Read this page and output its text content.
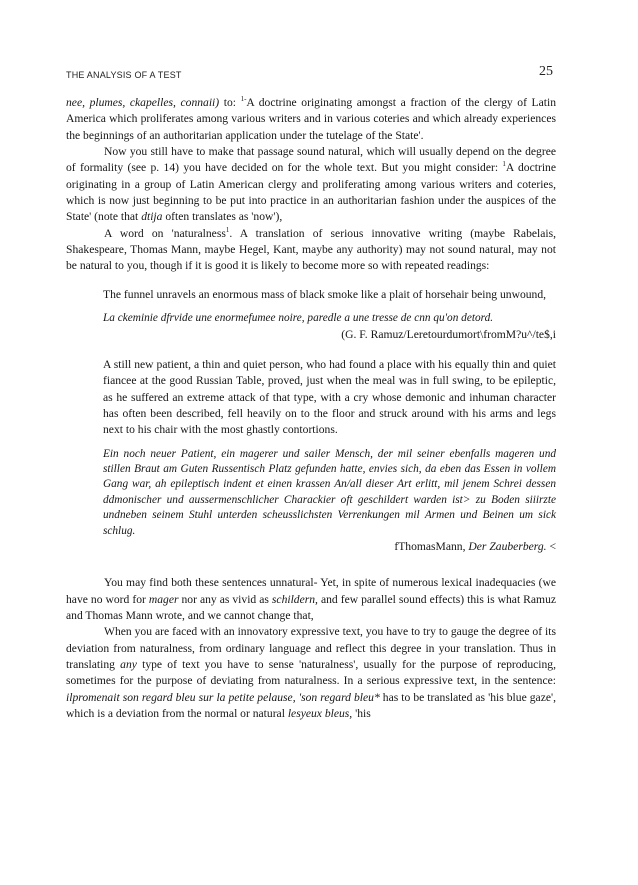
THE ANALYSIS OF A TEST	25

nee, plumes, ckapelles, connaii) to: $^{1-}$A doctrine originating amongst a fraction of the clergy of Latin America which proliferates among various writers and in various coteries and which already experiences the beginnings of an authoritarian application under the tutelage of the State'.

Now you still have to make that passage sound natural, which will usually depend on the degree of formality (see p. 14) you have decided on for the whole text. But you might consider: $^1$A doctrine originating in a group of Latin American clergy and proliferating among various writers and coteries, which is now just beginning to be put into practice in an authoritarian fashion under the auspices of the State' (note that dtija often translates as 'now'),

A word on 'naturalness$^1$. A translation of serious innovative writing (maybe Rabelais, Shakespeare, Thomas Mann, maybe Hegel, Kant, maybe any authority) may not sound natural, may not be natural to you, though if it is good it is likely to become more so with repeated readings:

The funnel unravels an enormous mass of black smoke like a plait of horsehair being unwound,

La ckeminie dfrvide une enormefumee noire, paredle a une tresse de cnn qu'on detord.

(G. F. Ramuz/Leretourdumort\fromM?u^/te$,i

A still new patient, a thin and quiet person, who had found a place with his equally thin and quiet fiancee at the good Russian Table, proved, just when the meal was in full swing, to be epileptic, as he suffered an extreme attack of that type, with a cry whose demonic and inhuman character has often been described, fell heavily on to the floor and struck around with his arms and legs next to his chair with the most ghastly contortions.

Ein noch neuer Patient, ein magerer und sailer Mensch, der mil seiner ebenfalls mageren und stillen Braut am Guten Russentisch Platz gefunden hatte, envies sich, da eben das Essen in vollem Gang war, ah epileptisch indent et einen krassen An/all dieser Art erlitt, mil jenem Schrei dessen ddmonischer und aussermenschlicher Charackier oft geschildert warden ist> zu Boden siiirzte undneben seinem Stuhl unterden scheusslichsten Verrenkungen mil Armen und Beinen um sick schlug.

fThomasMann, Der Zauberberg. <

You may find both these sentences unnatural- Yet, in spite of numerous lexical inadequacies (we have no word for mager nor any as vivid as schildern, and few parallel sound effects) this is what Ramuz and Thomas Mann wrote, and we cannot change that,

When you are faced with an innovatory expressive text, you have to try to gauge the degree of its deviation from naturalness, from ordinary language and reflect this degree in your translation. Thus in translating any type of text you have to sense 'naturalness', usually for the purpose of reproducing, sometimes for the purpose of deviating from naturalness. In a serious expressive text, in the sentence: ilpromenait son regard bleu sur la petite pelause, 'son regard bleu* has to be translated as 'his blue gaze', which is a deviation from the normal or natural lesyeux bleus, 'his
